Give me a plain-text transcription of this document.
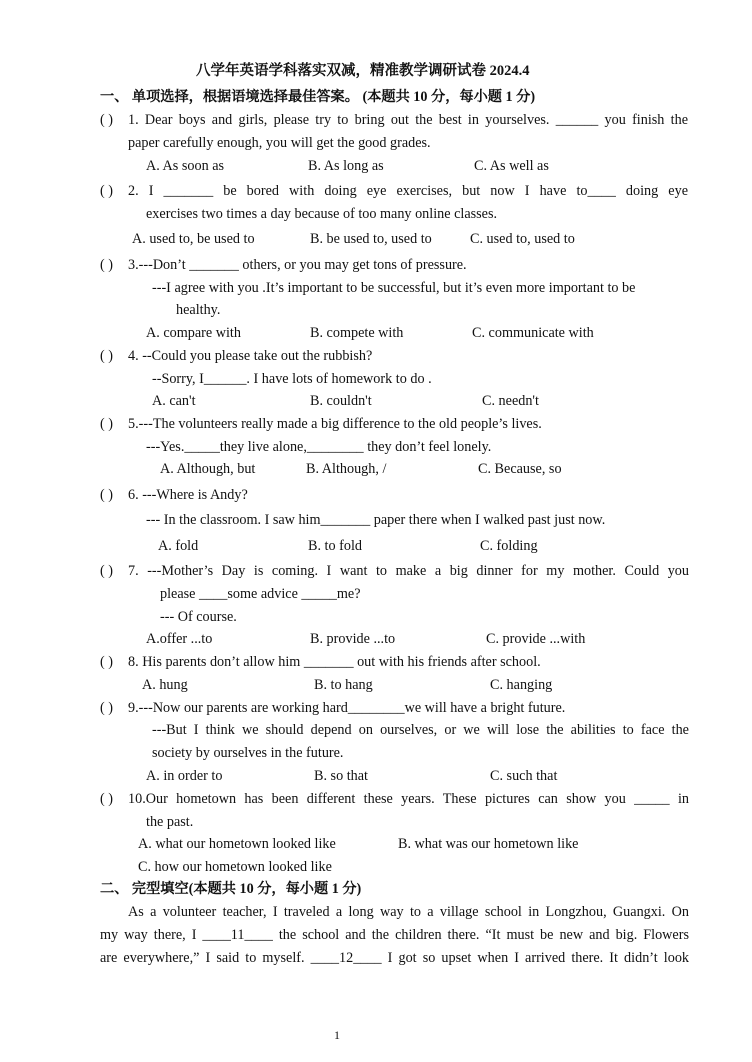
八学年英语学科落实双减，精准教学调研试卷 2024.4
一、 单项选择，根据语境选择最佳答案。 (本题共 10 分，每小题 1 分)
( ) 1. Dear boys and girls, please try to bring out the best in yourselves. ______ you finish the
paper carefully enough, you will get the good grades.
A. As soon as	B. As long as	C. As well as
( ) 2. I _______ be bored with doing eye exercises, but now I have to____ doing eye
exercises two times a day because of too many online classes.
A. used to, be used to	B. be used to, used to	C. used to, used to
( ) 3.---Don’t _______ others, or you may get tons of pressure.
---I agree with you .It’s important to be successful, but it’s even more important to be
healthy.
A. compare with	B. compete with	C. communicate with
( ) 4. --Could you please take out the rubbish?
--Sorry, I______. I have lots of homework to do .
A. can't	B. couldn't	C. needn't
( ) 5.---The volunteers really made a big difference to the old people’s lives.
---Yes._____they live alone,________ they don’t feel lonely.
A. Although, but	B. Although, /	C. Because, so
( ) 6. ---Where is Andy?
--- In the classroom. I saw him_______ paper there when I walked past just now.
A. fold	B. to fold	C. folding
( ) 7. ---Mother’s Day is coming. I want to make a big dinner for my mother. Could you
please ____some advice _____me?
--- Of course.
A.offer ...to	B. provide ...to	C. provide ...with
( ) 8. His parents don’t allow him _______ out with his friends after school.
A. hung	B. to hang	C. hanging
( ) 9.---Now our parents are working hard________we will have a bright future.
---But I think we should depend on ourselves, or we will lose the abilities to face the
society by ourselves in the future.
A. in order to	B. so that	C. such that
( ) 10.Our hometown has been different these years. These pictures can show you _____ in
the past.
A. what our hometown looked like	B. what was our hometown like
C. how our hometown looked like
二、 完型填空(本题共 10 分，每小题 1 分)
As a volunteer teacher, I traveled a long way to a village school in Longzhou, Guangxi. On
my way there, I ____11____ the school and the children there. “It must be new and big. Flowers
are everywhere,” I said to myself. ____12____ I got so upset when I arrived there. It didn’t look
1
